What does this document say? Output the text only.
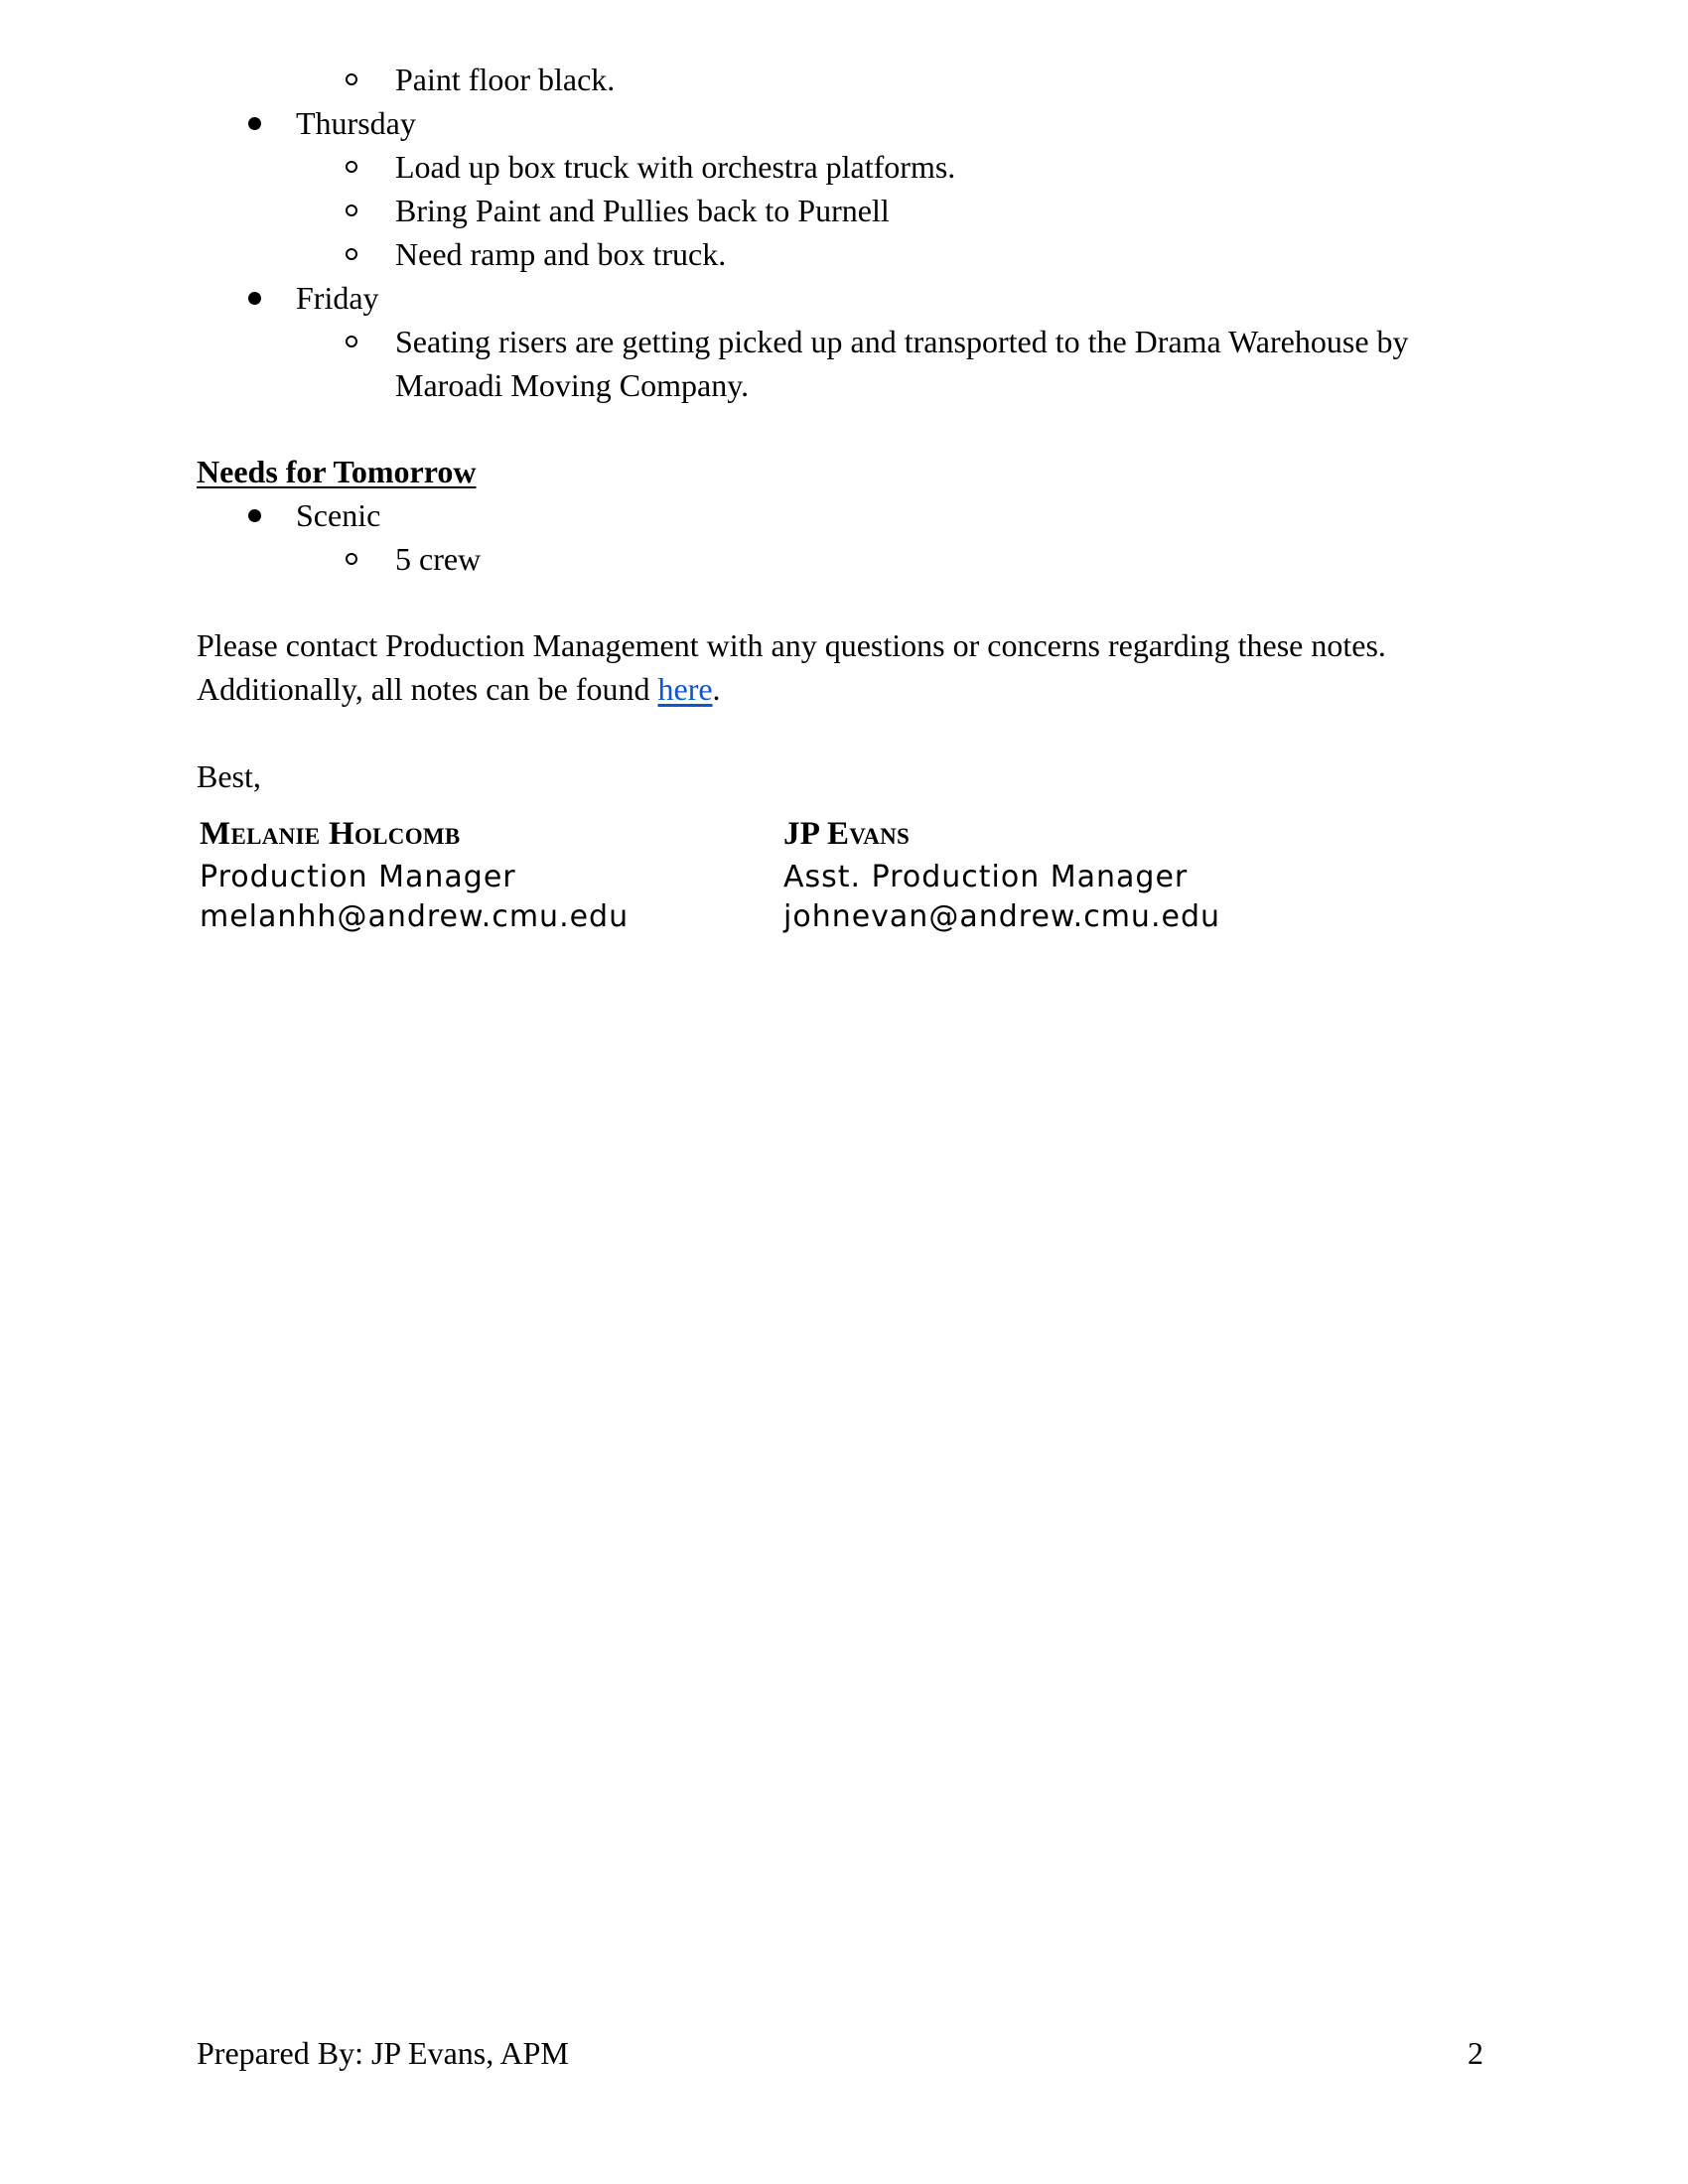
Paint floor black.
Thursday
Load up box truck with orchestra platforms.
Bring Paint and Pullies back to Purnell
Need ramp and box truck.
Friday
Seating risers are getting picked up and transported to the Drama Warehouse by
Maroadi Moving Company.
Needs for Tomorrow
Scenic
5 crew
Please contact Production Management with any questions or concerns regarding these notes.
Additionally, all notes can be found here.
Best,
Melanie Holcomb
Production Manager
melanhh@andrew.cmu.edu
JP Evans
Asst. Production Manager
johnevan@andrew.cmu.edu
Prepared By: JP Evans, APM	2
